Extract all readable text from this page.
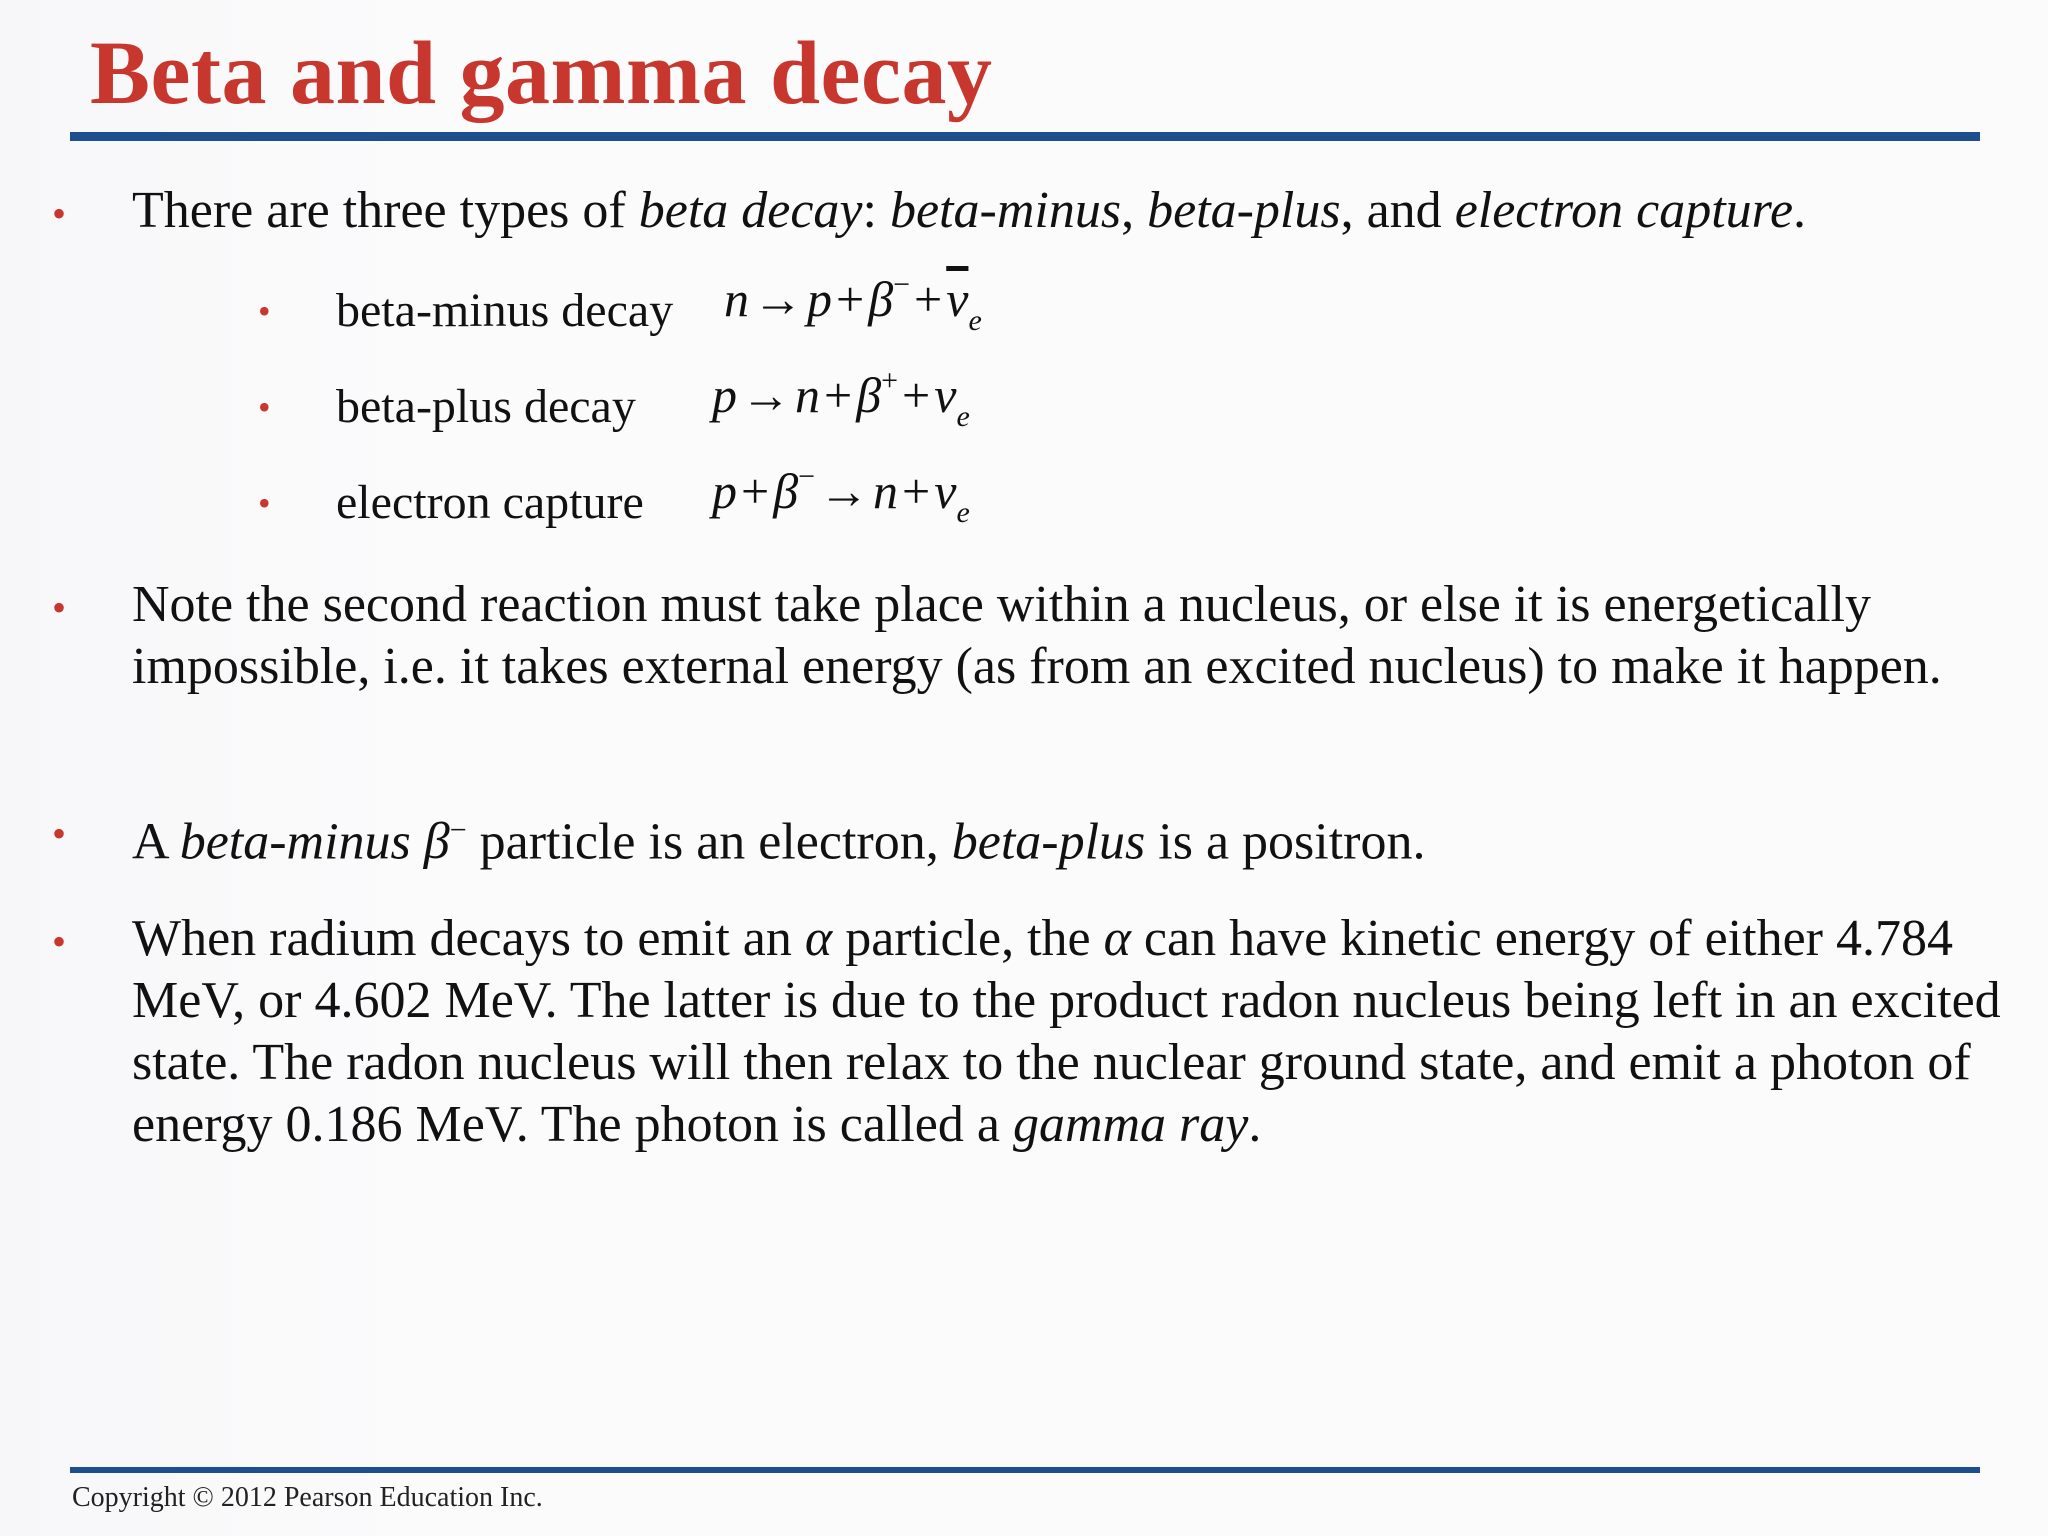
Beta and gamma decay
• There are three types of beta decay: beta-minus, beta-plus, and electron capture.
• beta-minus decay $n\to p+\beta^-+\overline{\nu}_e$
• beta-plus decay $p\to n+\beta^++\nu_e$
• electron capture $p+\beta^-\to n+\nu_e$
• Note the second reaction must take place within a nucleus, or else it is energetically impossible, i.e. it takes external energy (as from an excited nucleus) to make it happen.
• A beta-minus β− particle is an electron, beta-plus is a positron.
• When radium decays to emit an α particle, the α can have kinetic energy of either 4.784 MeV, or 4.602 MeV. The latter is due to the product radon nucleus being left in an excited state. The radon nucleus will then relax to the nuclear ground state, and emit a photon of energy 0.186 MeV. The photon is called a gamma ray.
Copyright © 2012 Pearson Education Inc.
